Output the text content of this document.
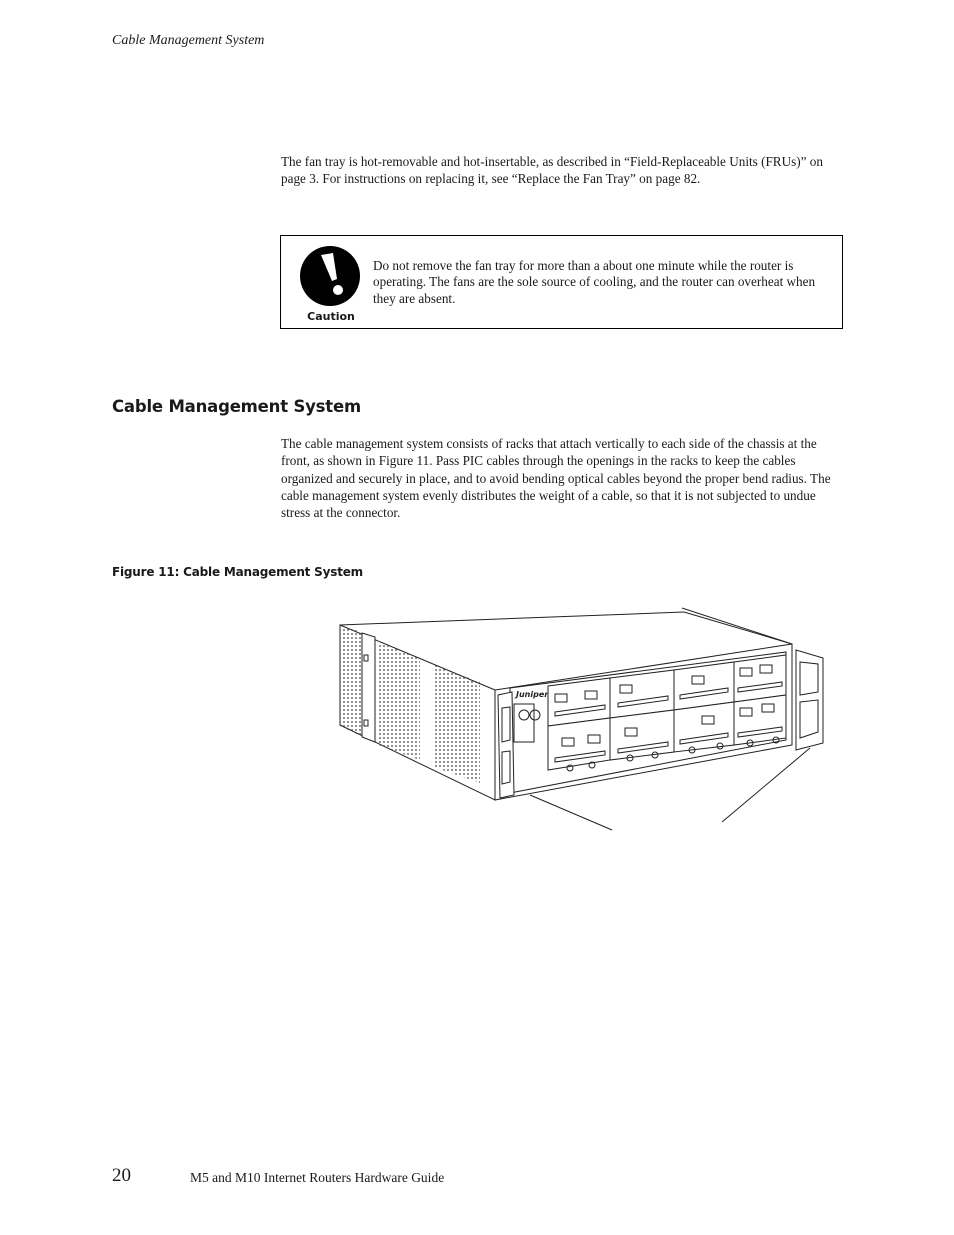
Cable Management System

The fan tray is hot-removable and hot-insertable, as described in “Field-Replaceable Units (FRUs)” on page 3. For instructions on replacing it, see “Replace the Fan Tray” on page 82.

Caution

Do not remove the fan tray for more than a about one minute while the router is operating. The fans are the sole source of cooling, and the router can overheat when they are absent.

Cable Management System

The cable management system consists of racks that attach vertically to each side of the chassis at the front, as shown in Figure 11. Pass PIC cables through the openings in the racks to keep the cables organized and securely in place, and to avoid bending optical cables beyond the proper bend radius. The cable management system evenly distributes the weight of a cable, so that it is not subjected to undue stress at the connector.

Figure 11: Cable Management System
Juniper
20	M5 and M10 Internet Routers Hardware Guide
